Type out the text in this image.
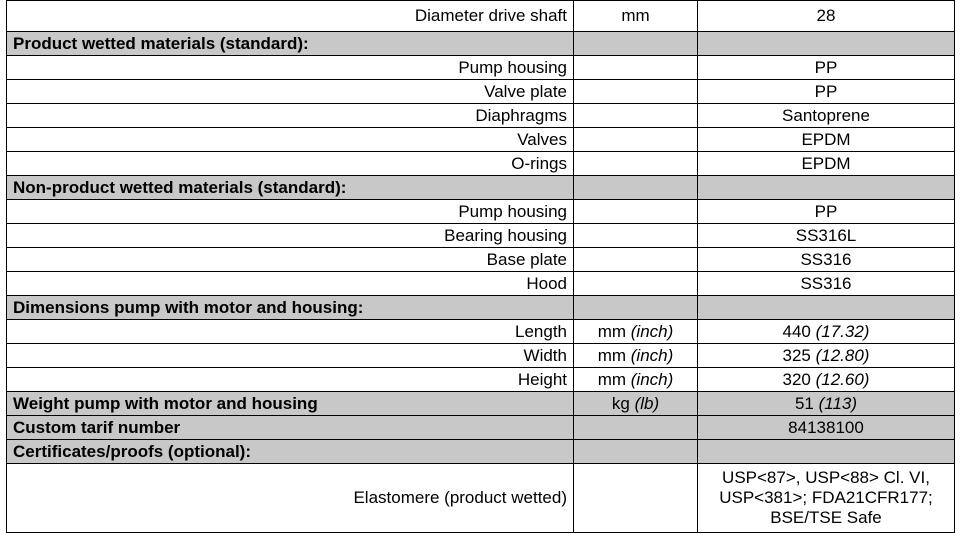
Diameter drive shaft	mm	28
Product wetted materials (standard):		
Pump housing		PP
Valve plate		PP
Diaphragms		Santoprene
Valves		EPDM
O-rings		EPDM
Non-product wetted materials (standard):		
Pump housing		PP
Bearing housing		SS316L
Base plate		SS316
Hood		SS316
Dimensions pump with motor and housing:		
Length	mm (inch)	440 (17.32)
Width	mm (inch)	325 (12.80)
Height	mm (inch)	320 (12.60)
Weight pump with motor and housing	kg (lb)	51 (113)
Custom tarif number		84138100
Certificates/proofs (optional):		
Elastomere (product wetted)		USP<87>, USP<88> Cl. VI,
USP<381>; FDA21CFR177;
BSE/TSE Safe
